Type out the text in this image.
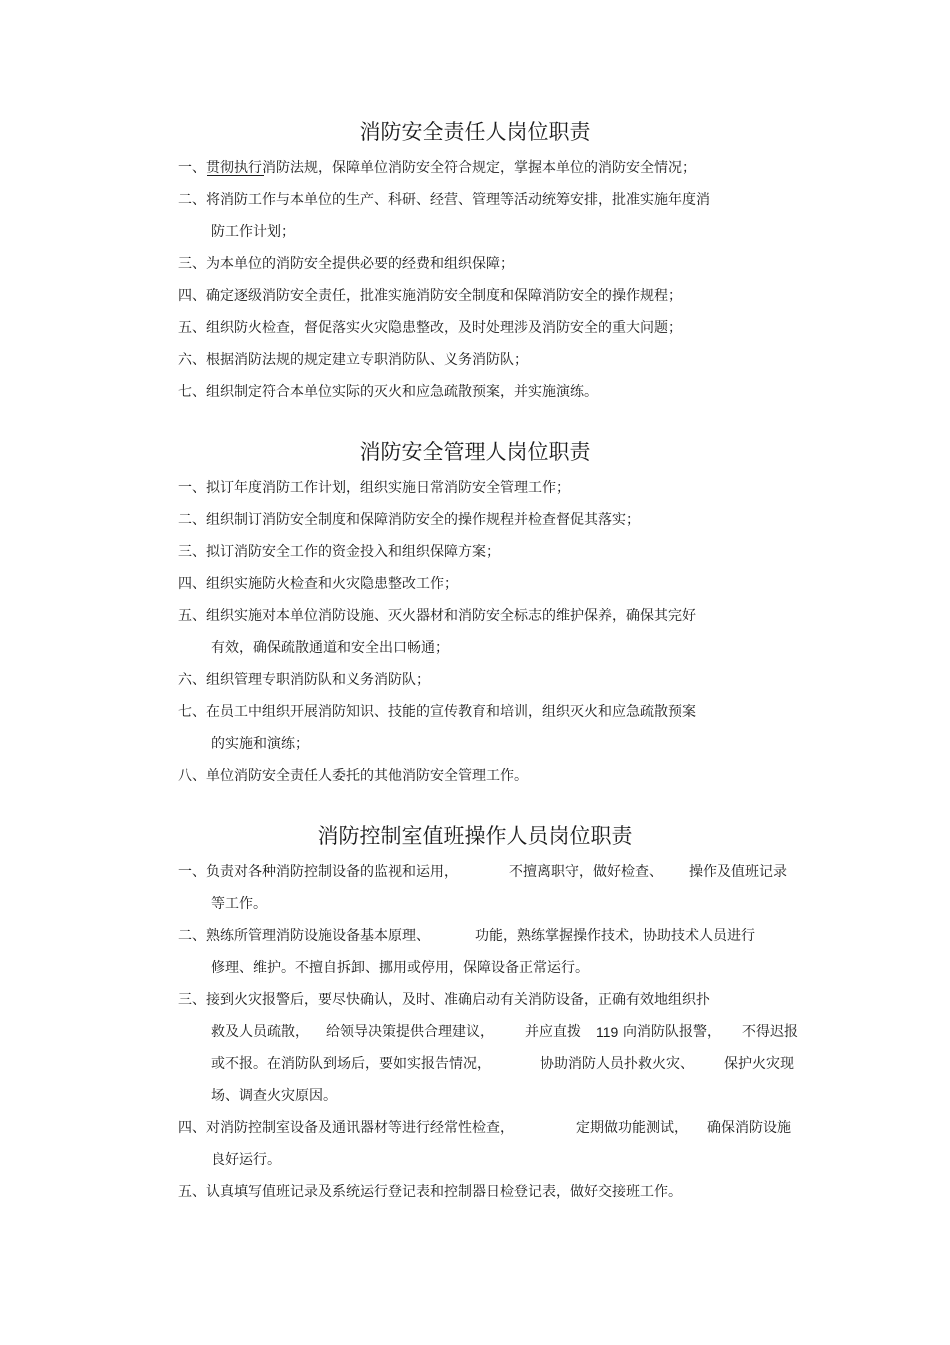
消防安全责任人岗位职责
一、贯彻执行消防法规，保障单位消防安全符合规定，掌握本单位的消防安全情况；
二、将消防工作与本单位的生产、科研、经营、管理等活动统筹安排，批准实施年度消
防工作计划；
三、为本单位的消防安全提供必要的经费和组织保障；
四、确定逐级消防安全责任，批准实施消防安全制度和保障消防安全的操作规程；
五、组织防火检查，督促落实火灾隐患整改，及时处理涉及消防安全的重大问题；
六、根据消防法规的规定建立专职消防队、义务消防队；
七、组织制定符合本单位实际的灭火和应急疏散预案，并实施演练。
消防安全管理人岗位职责
一、拟订年度消防工作计划，组织实施日常消防安全管理工作；
二、组织制订消防安全制度和保障消防安全的操作规程并检查督促其落实；
三、拟订消防安全工作的资金投入和组织保障方案；
四、组织实施防火检查和火灾隐患整改工作；
五、组织实施对本单位消防设施、灭火器材和消防安全标志的维护保养，确保其完好
有效，确保疏散通道和安全出口畅通；
六、组织管理专职消防队和义务消防队；
七、在员工中组织开展消防知识、技能的宣传教育和培训，组织灭火和应急疏散预案
的实施和演练；
八、单位消防安全责任人委托的其他消防安全管理工作。
消防控制室值班操作人员岗位职责
一、负责对各种消防控制设备的监视和运用，	不擅离职守，做好检查、 操作及值班记录
等工作。
二、熟练所管理消防设施设备基本原理、	功能，熟练掌握操作技术，协助技术人员进行
修理、维护。不擅自拆卸、挪用或停用，保障设备正常运行。
三、接到火灾报警后，要尽快确认，及时、准确启动有关消防设备，正确有效地组织扑
救及人员疏散， 给领导决策提供合理建议， 并应直拨 119 向消防队报警， 不得迟报
或不报。在消防队到场后，要如实报告情况，	协助消防人员扑救火灾、 保护火灾现
场、调查火灾原因。
四、对消防控制室设备及通讯器材等进行经常性检查，	定期做功能测试， 确保消防设施
良好运行。
五、认真填写值班记录及系统运行登记表和控制器日检登记表，做好交接班工作。
